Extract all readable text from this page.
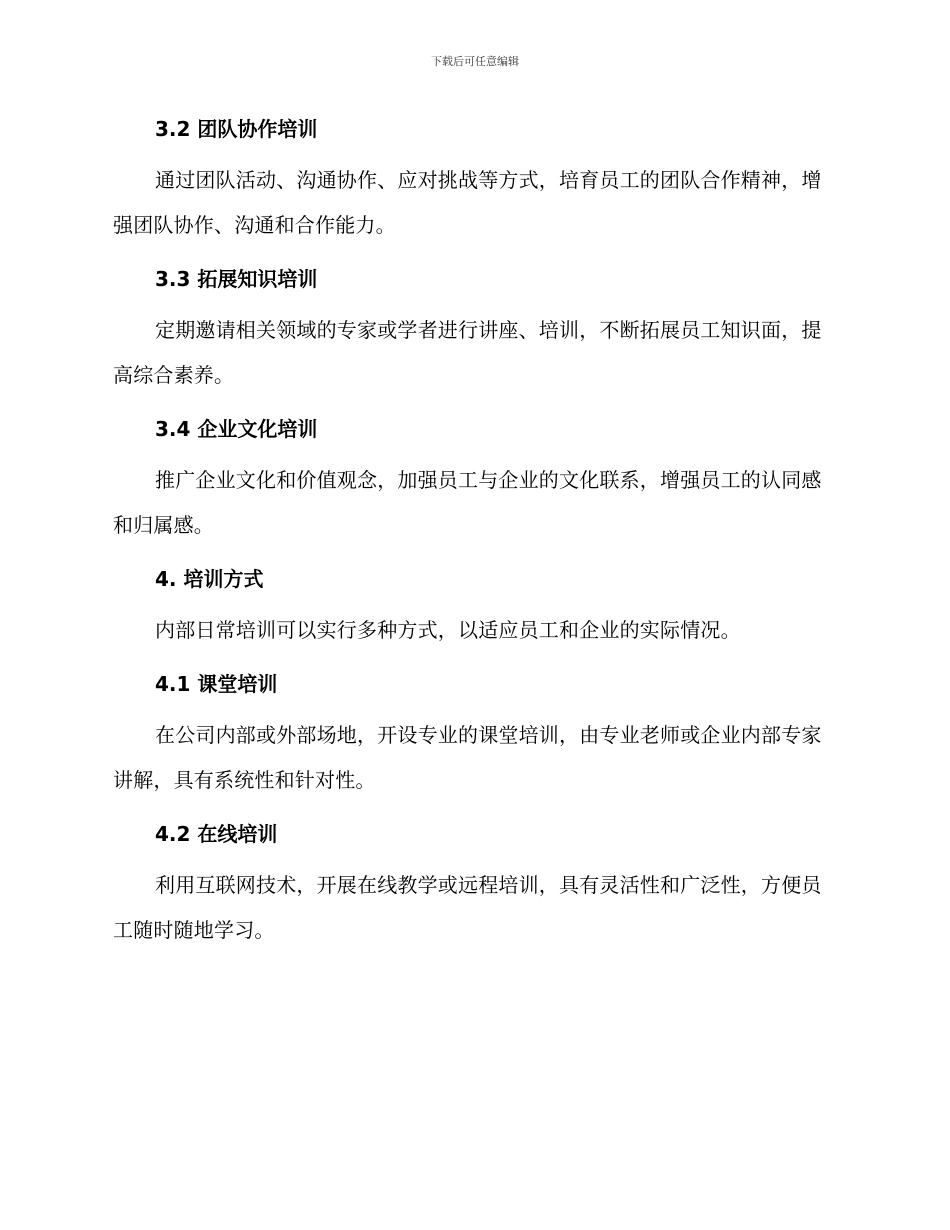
下载后可任意编辑
3.2 团队协作培训
通过团队活动、沟通协作、应对挑战等方式，培育员工的团队合作精神，增强团队协作、沟通和合作能力。
3.3 拓展知识培训
定期邀请相关领域的专家或学者进行讲座、培训，不断拓展员工知识面，提高综合素养。
3.4 企业文化培训
推广企业文化和价值观念，加强员工与企业的文化联系，增强员工的认同感和归属感。
4. 培训方式
内部日常培训可以实行多种方式，以适应员工和企业的实际情况。
4.1 课堂培训
在公司内部或外部场地，开设专业的课堂培训，由专业老师或企业内部专家讲解，具有系统性和针对性。
4.2 在线培训
利用互联网技术，开展在线教学或远程培训，具有灵活性和广泛性，方便员工随时随地学习。
